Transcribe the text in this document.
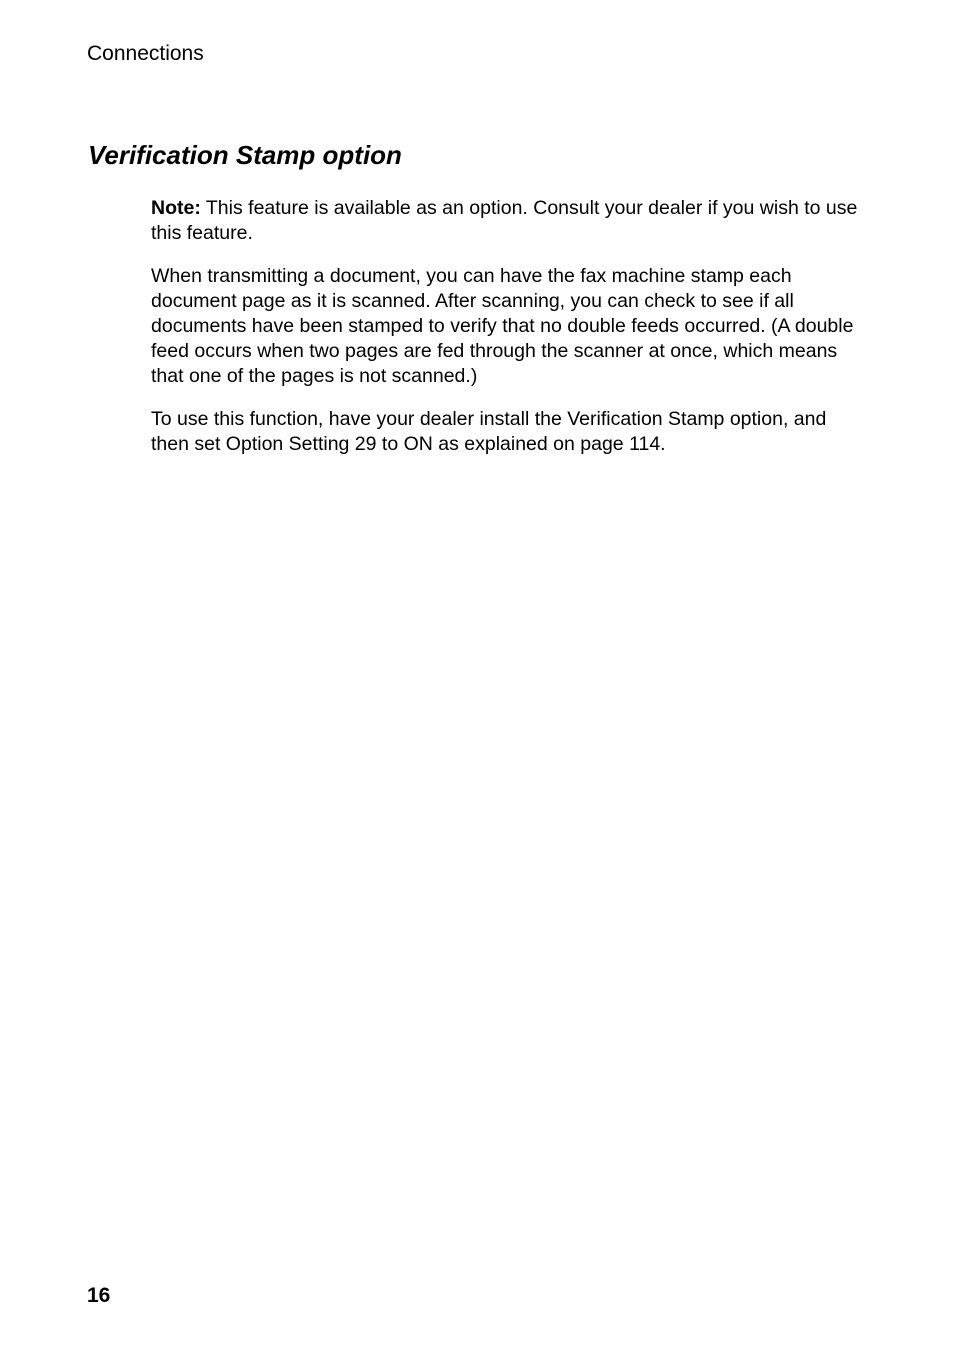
Connections
Verification Stamp option

Note: This feature is available as an option. Consult your dealer if you wish to use this feature.

When transmitting a document, you can have the fax machine stamp each document page as it is scanned. After scanning, you can check to see if all documents have been stamped to verify that no double feeds occurred. (A double feed occurs when two pages are fed through the scanner at once, which means that one of the pages is not scanned.)

To use this function, have your dealer install the Verification Stamp option, and then set Option Setting 29 to ON as explained on page 114.

16
